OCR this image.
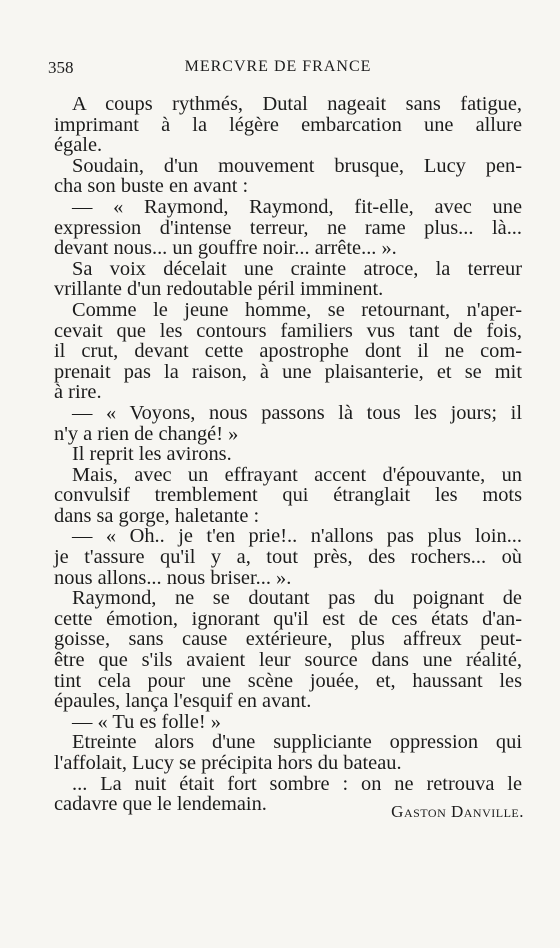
358	MERCVRE DE FRANCE
A coups rythmés, Dutal nageait sans fatigue,
imprimant à la légère embarcation une allure
égale.
Soudain, d'un mouvement brusque, Lucy pen-
cha son buste en avant :
— « Raymond, Raymond, fit-elle, avec une
expression d'intense terreur, ne rame plus... là...
devant nous... un gouffre noir... arrête... ».
Sa voix décelait une crainte atroce, la terreur
vrillante d'un redoutable péril imminent.
Comme le jeune homme, se retournant, n'aper-
cevait que les contours familiers vus tant de fois,
il crut, devant cette apostrophe dont il ne com-
prenait pas la raison, à une plaisanterie, et se mit
à rire.
— « Voyons, nous passons là tous les jours; il
n'y a rien de changé! »
Il reprit les avirons.
Mais, avec un effrayant accent d'épouvante, un
convulsif tremblement qui étranglait les mots
dans sa gorge, haletante :
— « Oh.. je t'en prie!.. n'allons pas plus loin...
je t'assure qu'il y a, tout près, des rochers... où
nous allons... nous briser... ».
Raymond, ne se doutant pas du poignant de
cette émotion, ignorant qu'il est de ces états d'an-
goisse, sans cause extérieure, plus affreux peut-
être que s'ils avaient leur source dans une réalité,
tint cela pour une scène jouée, et, haussant les
épaules, lança l'esquif en avant.
— « Tu es folle! »
Etreinte alors d'une suppliciante oppression qui
l'affolait, Lucy se précipita hors du bateau.
... La nuit était fort sombre : on ne retrouva le
cadavre que le lendemain.	Gaston Danville.
